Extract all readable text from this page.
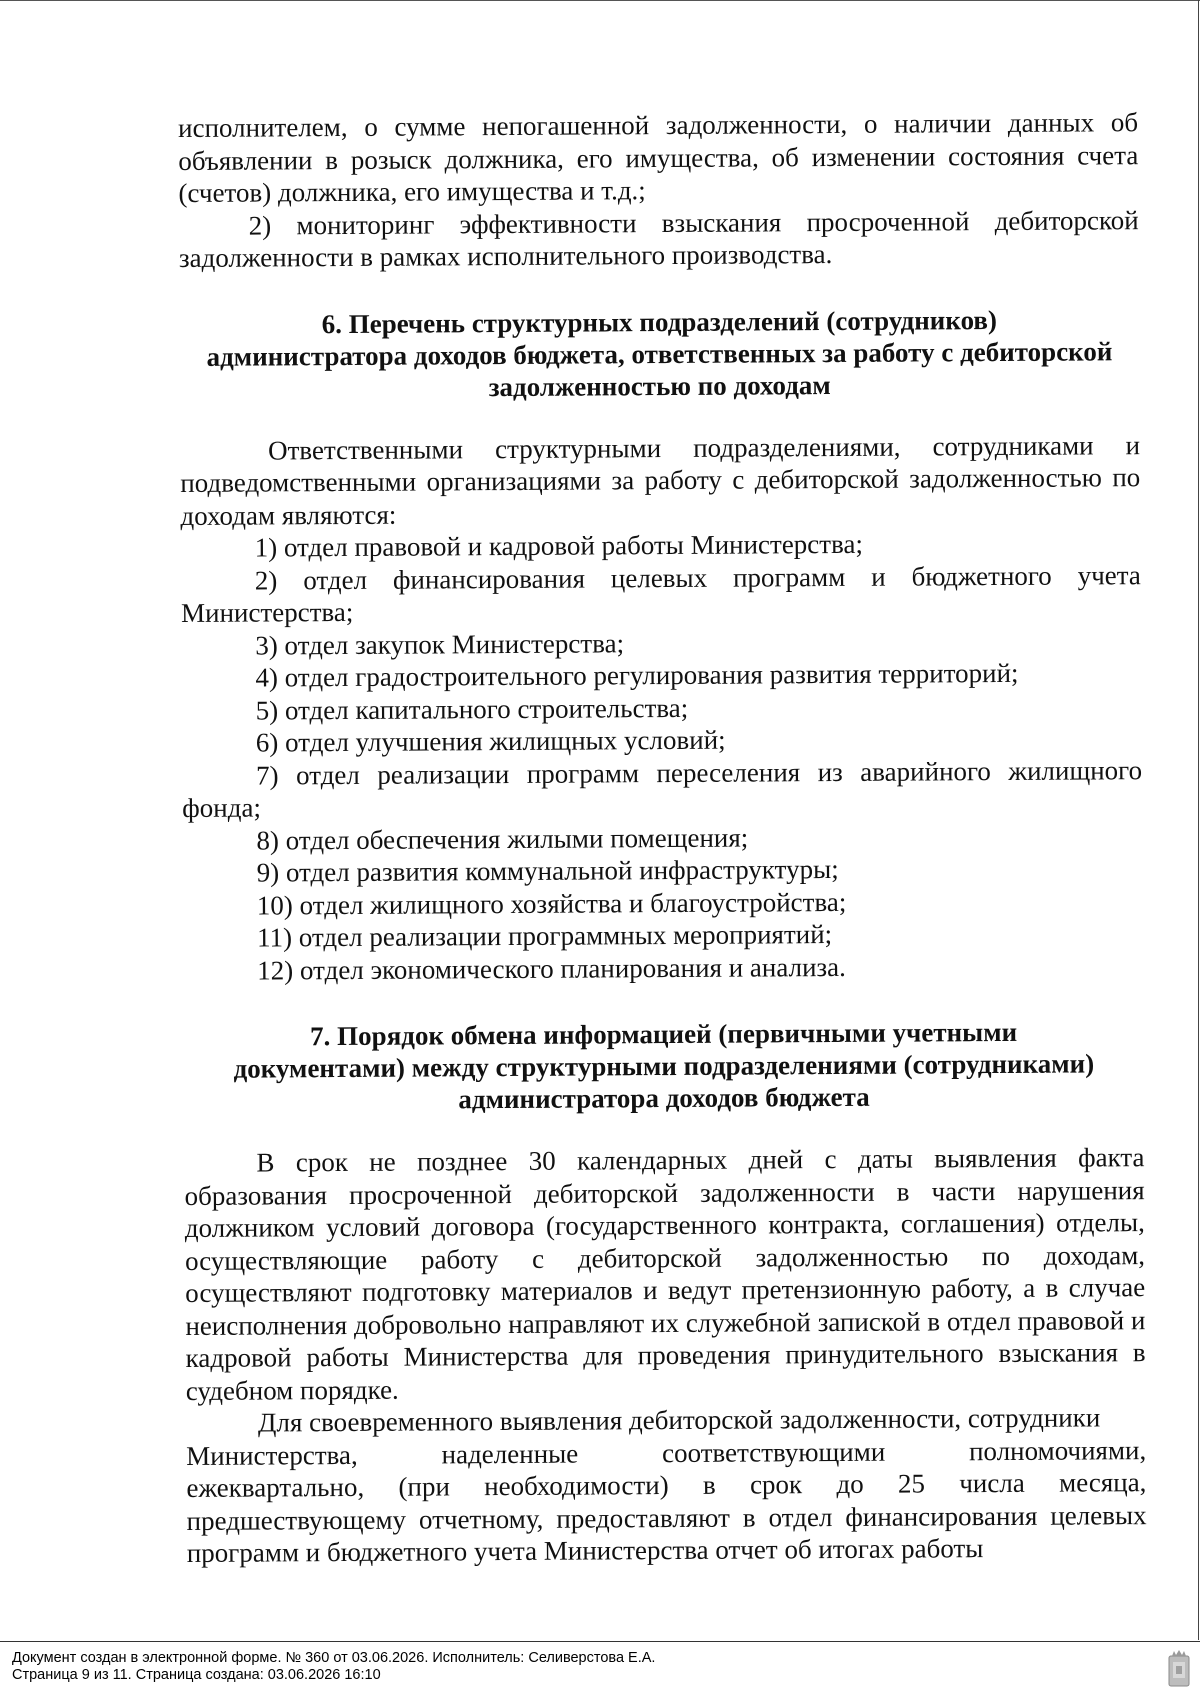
исполнителем, о сумме непогашенной задолженности, о наличии данных об объявлении в розыск должника, его имущества, об изменении состояния счета (счетов) должника, его имущества и т.д.;

2) мониторинг эффективности взыскания просроченной дебиторской задолженности в рамках исполнительного производства.

6. Перечень структурных подразделений (сотрудников)

администратора доходов бюджета, ответственных за работу с дебиторской

задолженностью по доходам

Ответственными структурными подразделениями, сотрудниками и подведомственными организациями за работу с дебиторской задолженностью по доходам являются:

1) отдел правовой и кадровой работы Министерства;

2) отдел финансирования целевых программ и бюджетного учета Министерства;

3) отдел закупок Министерства;

4) отдел градостроительного регулирования развития территорий;

5) отдел капитального строительства;

6) отдел улучшения жилищных условий;

7) отдел реализации программ переселения из аварийного жилищного фонда;

8) отдел обеспечения жилыми помещения;

9) отдел развития коммунальной инфраструктуры;

10) отдел жилищного хозяйства и благоустройства;

11) отдел реализации программных мероприятий;

12) отдел экономического планирования и анализа.

7. Порядок обмена информацией (первичными учетными

документами) между структурными подразделениями (сотрудниками)

администратора доходов бюджета

В срок не позднее 30 календарных дней с даты выявления факта образования просроченной дебиторской задолженности в части нарушения должником условий договора (государственного контракта, соглашения) отделы, осуществляющие работу с дебиторской задолженностью по доходам, осуществляют подготовку материалов и ведут претензионную работу, а в случае неисполнения добровольно направляют их служебной запиской в отдел правовой и кадровой работы Министерства для проведения принудительного взыскания в судебном порядке.

Для своевременного выявления дебиторской задолженности, сотрудники

Министерства,	наделенные	соответствующими	полномочиями,

ежеквартально, (при необходимости) в срок до 25 числа месяца, предшествующему отчетному, предоставляют в отдел финансирования целевых программ и бюджетного учета Министерства отчет об итогах работы

Документ создан в электронной форме. № 360 от 03.06.2026. Исполнитель: Селиверстова Е.А.
Страница 9 из 11. Страница создана: 03.06.2026 16:10
